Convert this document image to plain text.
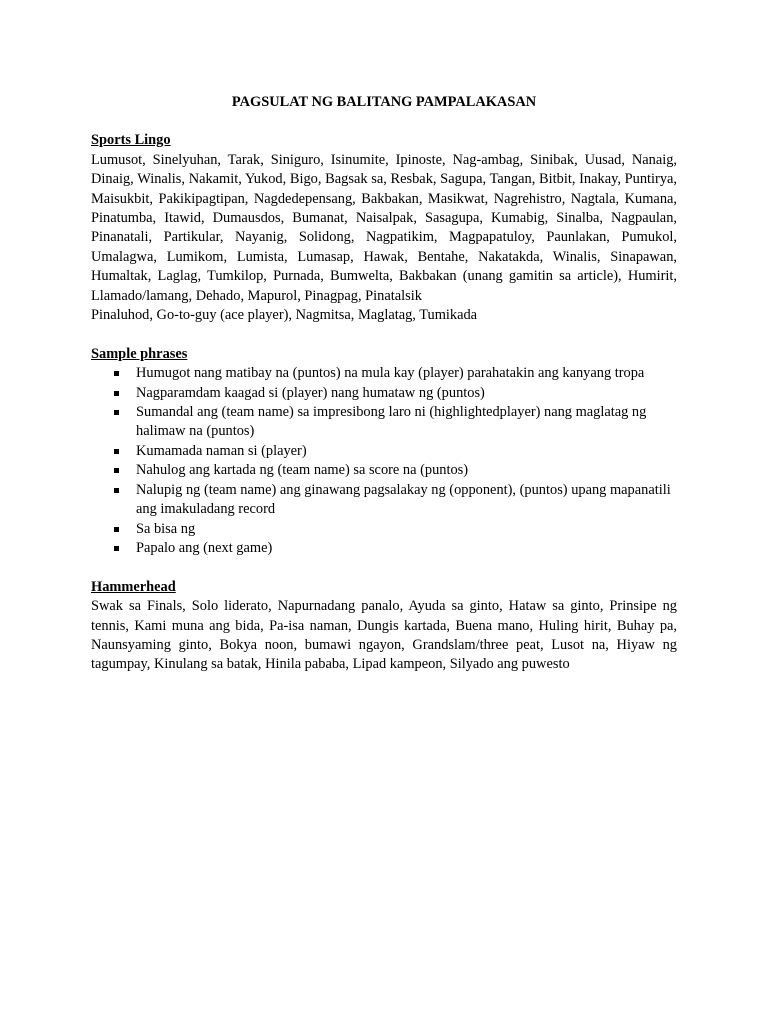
PAGSULAT NG BALITANG PAMPALAKASAN

Sports Lingo

Lumusot, Sinelyuhan, Tarak, Siniguro, Isinumite, Ipinoste, Nag-ambag, Sinibak, Uusad, Nanaig, Dinaig, Winalis, Nakamit, Yukod, Bigo, Bagsak sa, Resbak, Sagupa, Tangan, Bitbit, Inakay, Puntirya, Maisukbit, Pakikipagtipan, Nagdedepensang, Bakbakan, Masikwat, Nagrehistro, Nagtala, Kumana, Pinatumba, Itawid, Dumausdos, Bumanat, Naisalpak, Sasagupa, Kumabig, Sinalba, Nagpaulan, Pinanatali, Partikular, Nayanig, Solidong, Nagpatikim, Magpapatuloy, Paunlakan, Pumukol, Umalagwa, Lumikom, Lumista, Lumasap, Hawak, Bentahe, Nakatakda, Winalis, Sinapawan, Humaltak, Laglag, Tumkilop, Purnada, Bumwelta, Bakbakan (unang gamitin sa article), Humirit, Llamado/lamang, Dehado, Mapurol, Pinagpag, Pinatalsik

Pinaluhod, Go-to-guy (ace player), Nagmitsa, Maglatag, Tumikada

Sample phrases

Humugot nang matibay na (puntos) na mula kay (player) parahatakin ang kanyang tropa
Nagparamdam kaagad si (player) nang humataw ng (puntos)
Sumandal ang (team name) sa impresibong laro ni (highlightedplayer) nang maglatag ng halimaw na (puntos)
Kumamada naman si (player)
Nahulog ang kartada ng (team name) sa score na (puntos)
Nalupig ng (team name) ang ginawang pagsalakay ng (opponent), (puntos) upang mapanatili ang imakuladang record
Sa bisa ng
Papalo ang (next game)

Hammerhead

Swak sa Finals, Solo liderato, Napurnadang panalo, Ayuda sa ginto, Hataw sa ginto, Prinsipe ng tennis, Kami muna ang bida, Pa-isa naman, Dungis kartada, Buena mano, Huling hirit, Buhay pa, Naunsyaming ginto, Bokya noon, bumawi ngayon, Grandslam/three peat, Lusot na, Hiyaw ng tagumpay, Kinulang sa batak, Hinila pababa, Lipad kampeon, Silyado ang puwesto
